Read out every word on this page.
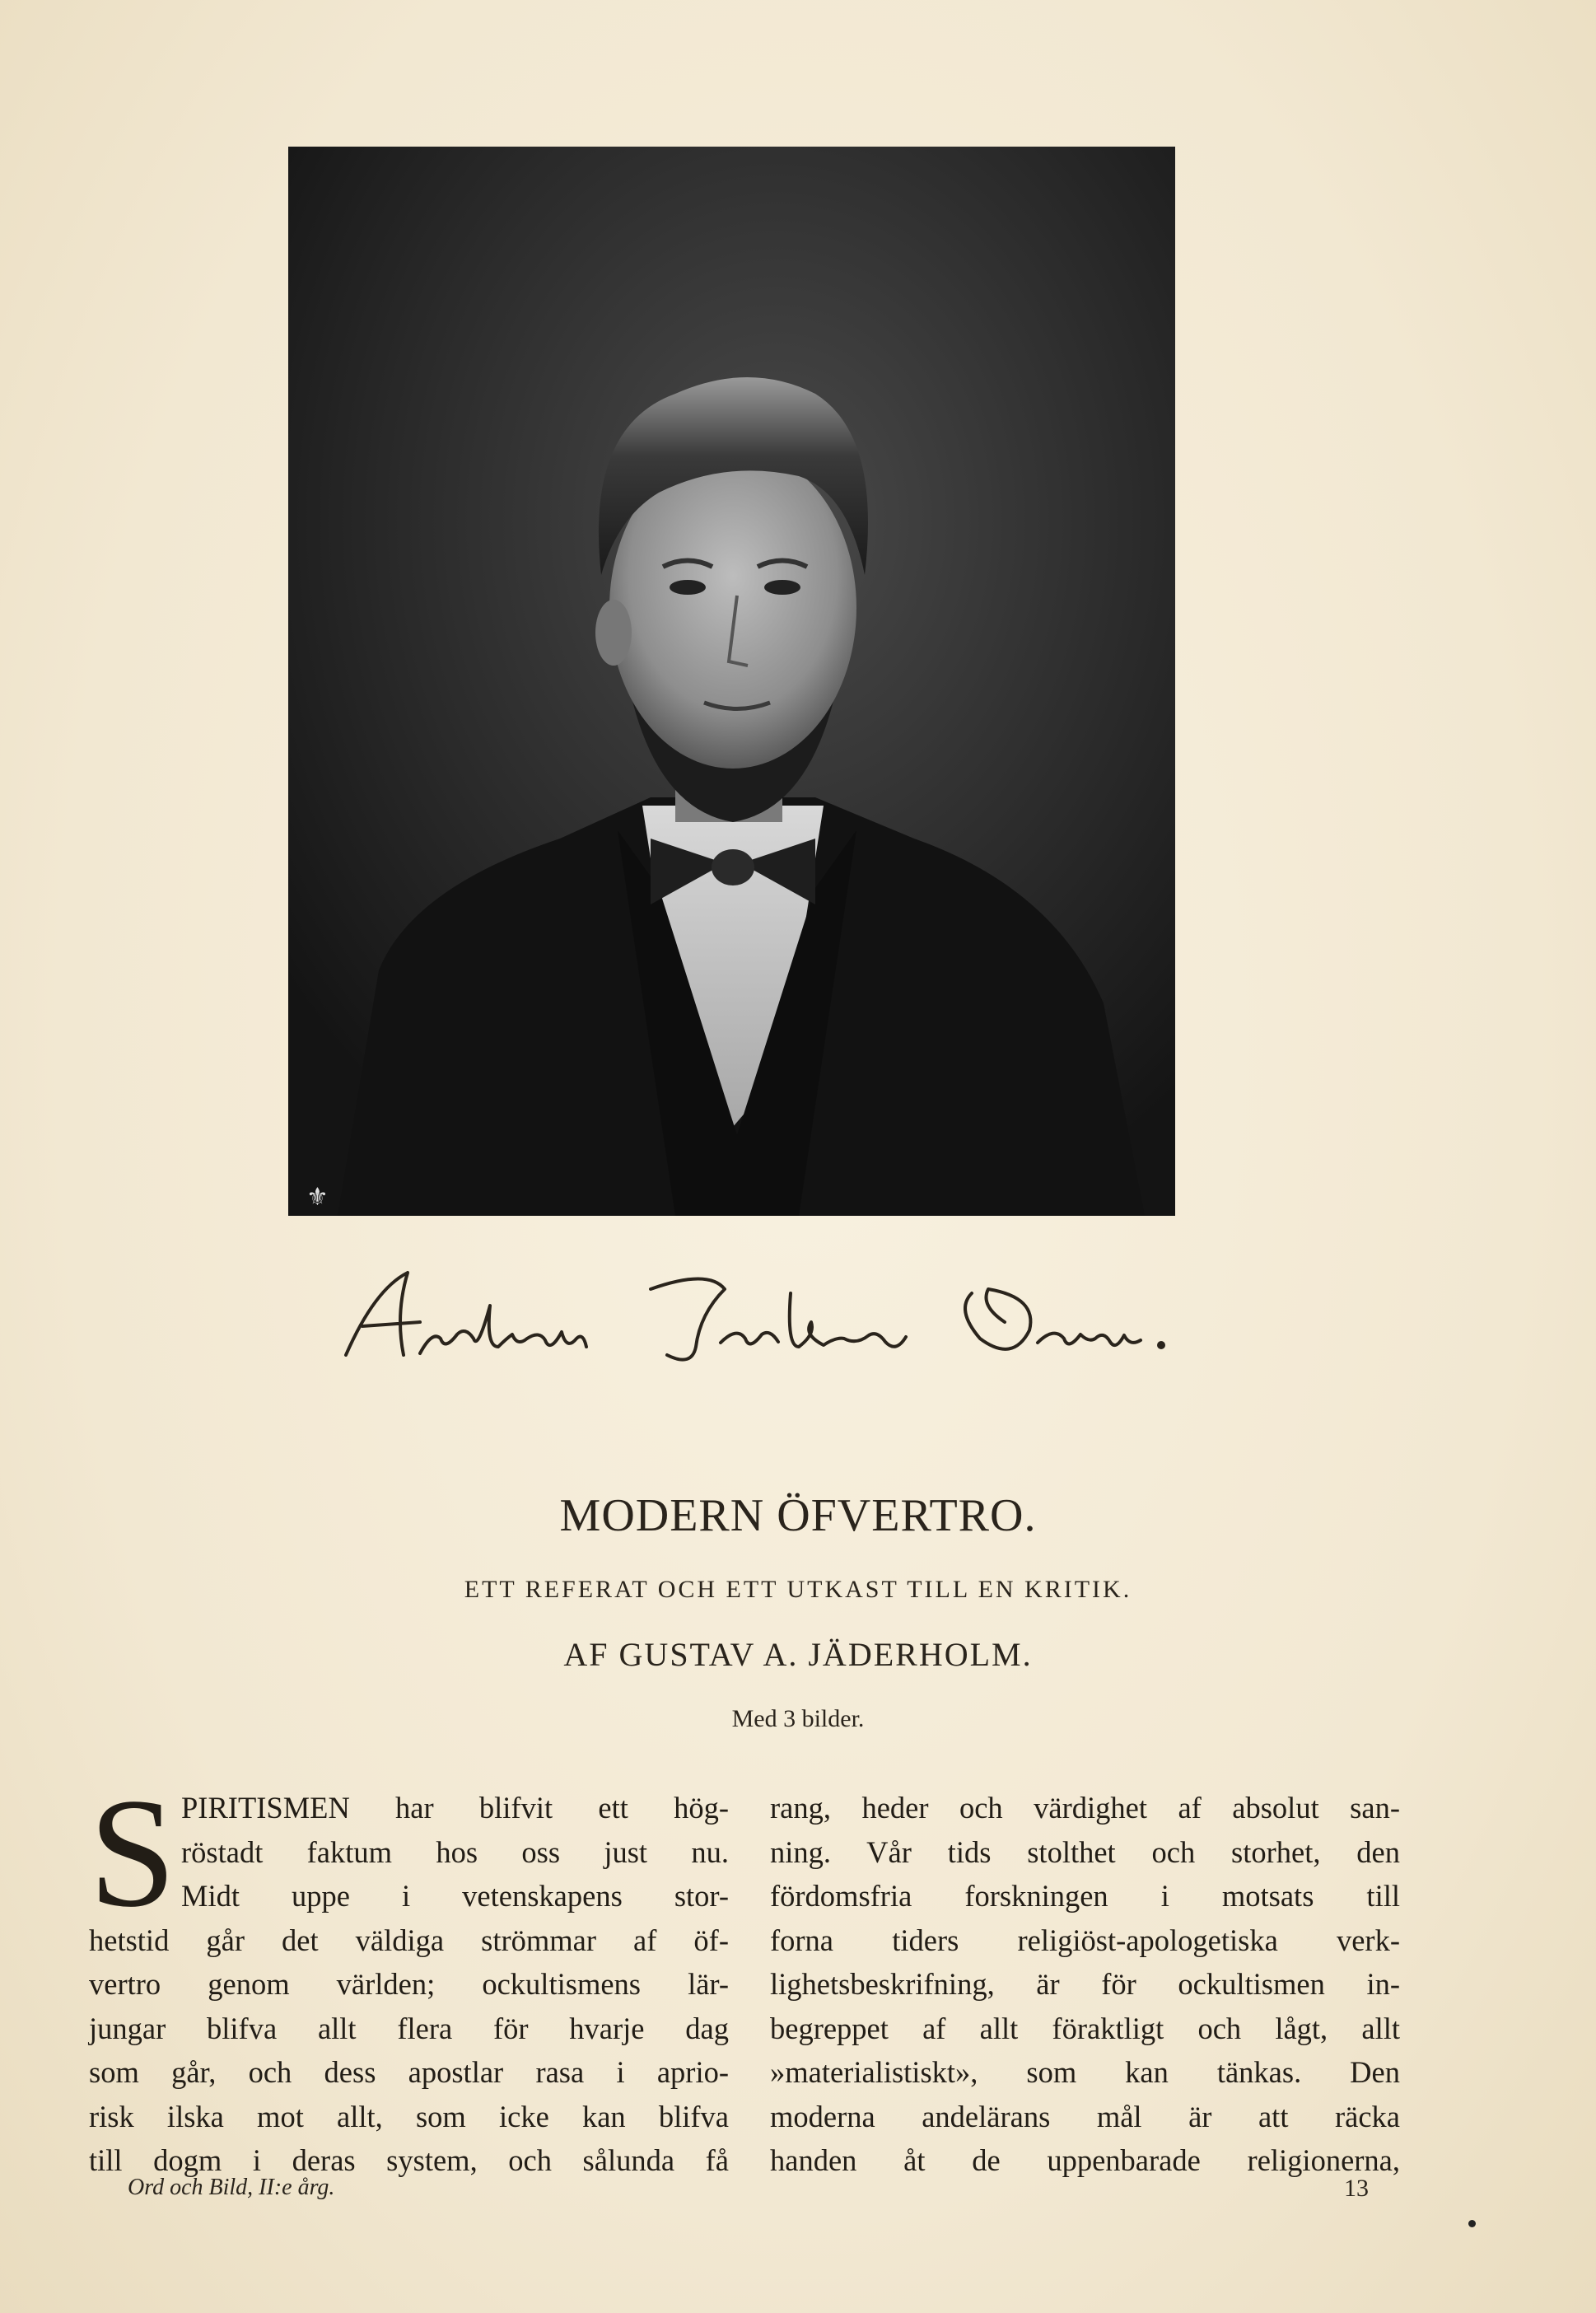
⚜
MODERN ÖFVERTRO.
ETT REFERAT OCH ETT UTKAST TILL EN KRITIK.
AF GUSTAV A. JÄDERHOLM.
Med 3 bilder.
S PIRITISMEN har blifvit ett hög-
röstadt faktum hos oss just nu.
Midt uppe i vetenskapens stor-
hetstid går det väldiga strömmar af öf-
vertro genom världen; ockultismens lär-
jungar blifva allt flera för hvarje dag
som går, och dess apostlar rasa i aprio-
risk ilska mot allt, som icke kan blifva
till dogm i deras system, och sålunda få
rang, heder och värdighet af absolut san-
ning. Vår tids stolthet och storhet, den
fördomsfria forskningen i motsats till
forna tiders religiöst-apologetiska verk-
lighetsbeskrifning, är för ockultismen in-
begreppet af allt föraktligt och lågt, allt
»materialistiskt», som kan tänkas. Den
moderna andelärans mål är att räcka
handen åt de uppenbarade religionerna,
Ord och Bild, II:e årg.	13
